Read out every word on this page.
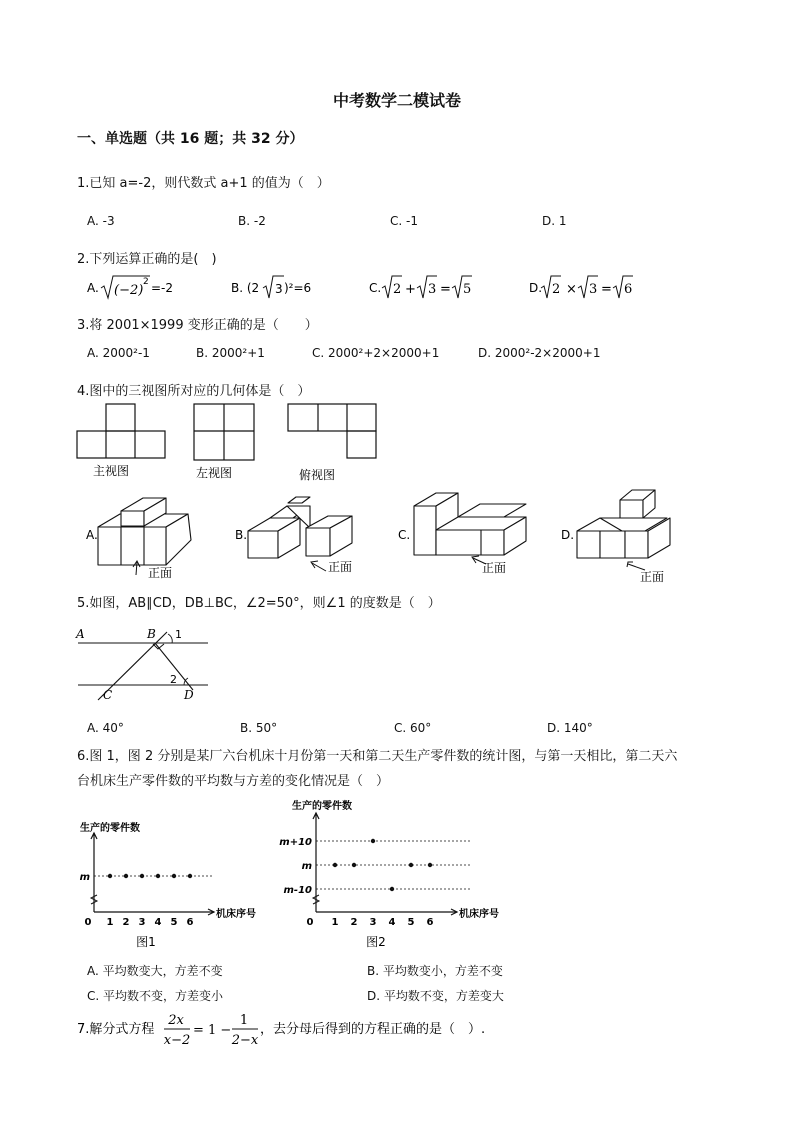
中考数学二模试卷
一、单选题（共 16 题；共 32 分）
1.已知 a=-2，则代数式 a+1 的值为（　）
A. -3	B. -2	C. -1	D. 1
2.下列运算正确的是(　)
A. (−2)
2 =-2	B. (2 3 )²=6	C. 2 + 3 = 5	D. 2 × 3 = 6
3.将 2001×1999 变形正确的是（　　）
A. 2000²-1	B. 2000²+1	C. 2000²+2×2000+1	D. 2000²-2×2000+1
4.图中的三视图所对应的几何体是（　）
主视图	左视图	俯视图
A.
正面
B.
正面
C.
正面
D.
正面
5.如图，AB∥CD，DB⊥BC，∠2=50°，则∠1 的度数是（　）
A	B 1
2
C	D
A. 40°	B. 50°	C. 60°	D. 140°
6.图 1，图 2 分别是某厂六台机床十月份第一天和第二天生产零件数的统计图，与第一天相比，第二天六
台机床生产零件数的平均数与方差的变化情况是（　）
生产的零件数
机床序号
0 1 2 3 4 5 6
m
图1
生产的零件数
机床序号
0 1 2 3 4 5 6
m+10
m
m-10
图2
A. 平均数变大，方差不变	B. 平均数变小，方差不变
C. 平均数不变，方差变小	D. 平均数不变，方差变大
7.解分式方程
2x
x−2
= 1 −
1
2−x
，去分母后得到的方程正确的是（　）.
